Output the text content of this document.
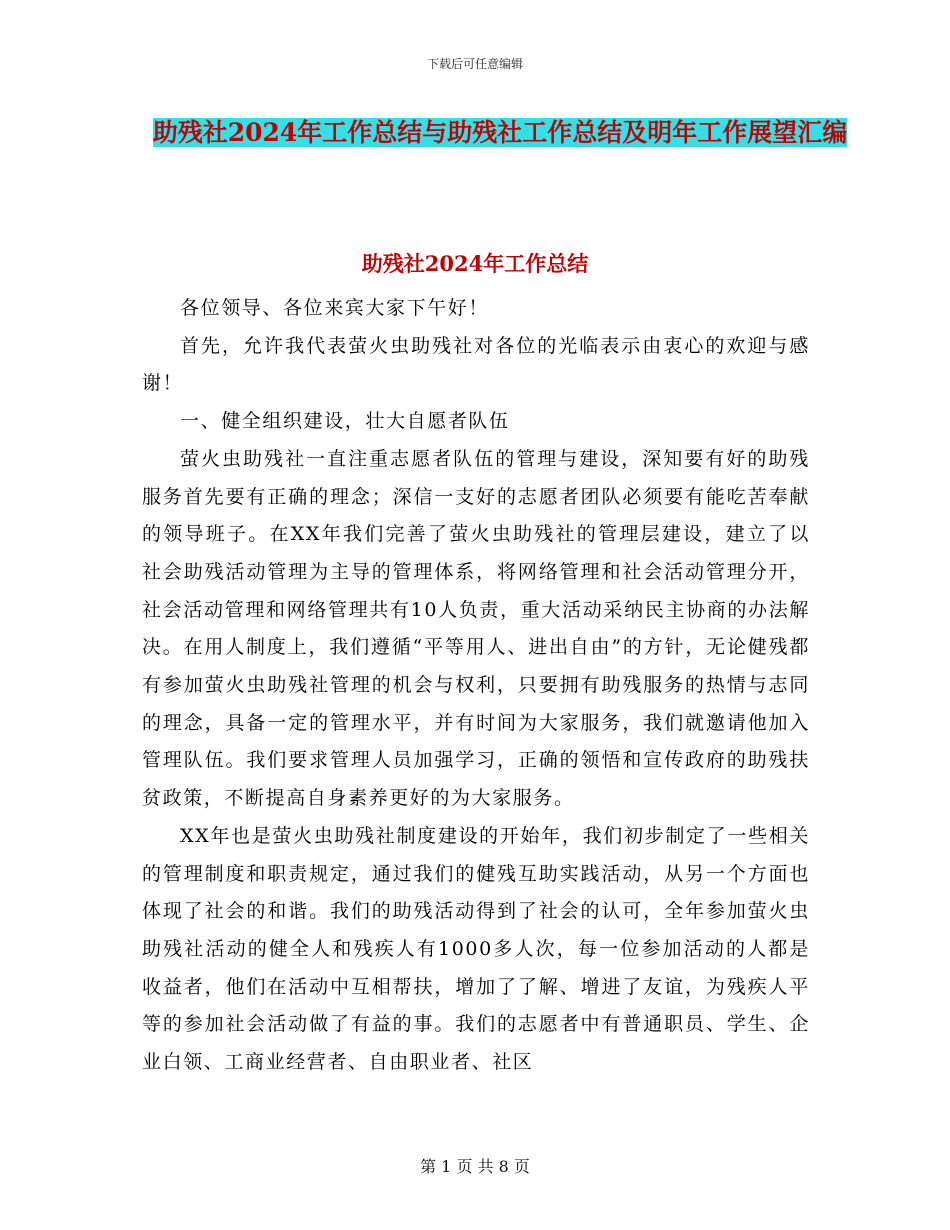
下载后可任意编辑
助残社2024年工作总结与助残社工作总结及明年工作展望汇编
助残社2024年工作总结

各位领导、各位来宾大家下午好！

首先，允许我代表萤火虫助残社对各位的光临表示由衷心的欢迎与感谢！

一、健全组织建设，壮大自愿者队伍

萤火虫助残社一直注重志愿者队伍的管理与建设，深知要有好的助残服务首先要有正确的理念；深信一支好的志愿者团队必须要有能吃苦奉献的领导班子。在XX年我们完善了萤火虫助残社的管理层建设，建立了以社会助残活动管理为主导的管理体系，将网络管理和社会活动管理分开，社会活动管理和网络管理共有10人负责，重大活动采纳民主协商的办法解决。在用人制度上，我们遵循“平等用人、进出自由”的方针，无论健残都有参加萤火虫助残社管理的机会与权利，只要拥有助残服务的热情与志同的理念，具备一定的管理水平，并有时间为大家服务，我们就邀请他加入管理队伍。我们要求管理人员加强学习，正确的领悟和宣传政府的助残扶贫政策，不断提高自身素养更好的为大家服务。

XX年也是萤火虫助残社制度建设的开始年，我们初步制定了一些相关的管理制度和职责规定，通过我们的健残互助实践活动，从另一个方面也体现了社会的和谐。我们的助残活动得到了社会的认可，全年参加萤火虫助残社活动的健全人和残疾人有1000多人次，每一位参加活动的人都是收益者，他们在活动中互相帮扶，增加了了解、增进了友谊，为残疾人平等的参加社会活动做了有益的事。我们的志愿者中有普通职员、学生、企业白领、工商业经营者、自由职业者、社区

第 1 页 共 8 页
